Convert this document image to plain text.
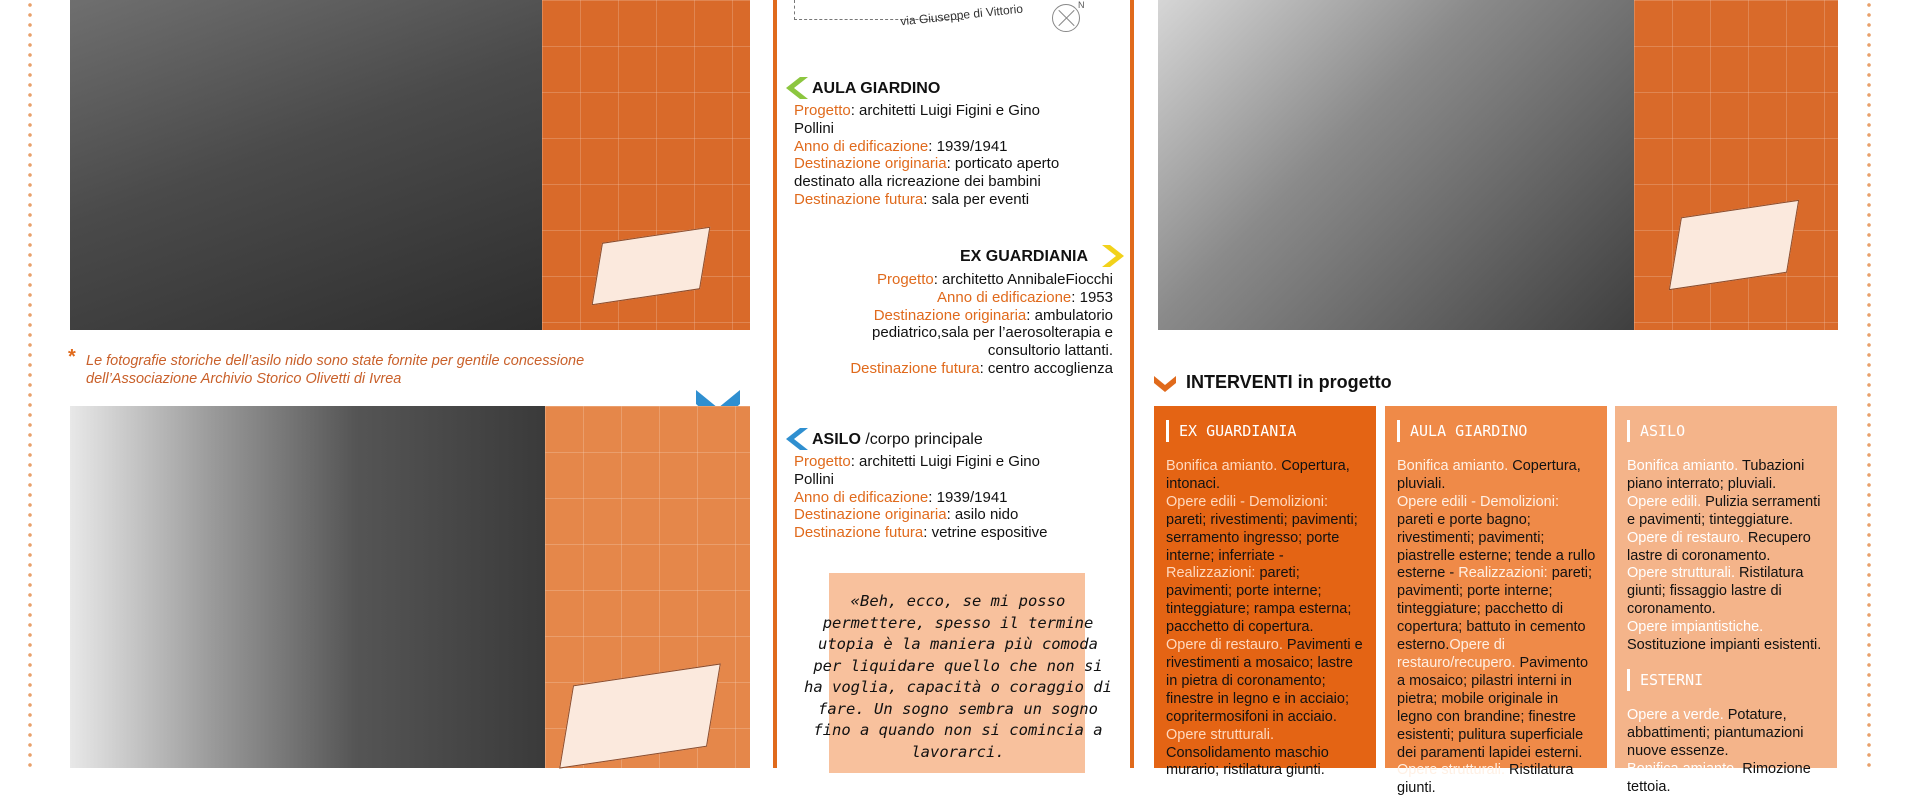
* Le fotografie storiche dell’asilo nido sono state fornite per gentile concessione dell’Associazione Archivio Storico Olivetti di Ivrea
via Giuseppe di Vittorio	N
AULA GIARDINO
Progetto: architetti Luigi Figini e Gino Pollini
Anno di edificazione: 1939/1941
Destinazione originaria: porticato aperto destinato alla ricreazione dei bambini
Destinazione futura: sala per eventi
EX GUARDIANIA
Progetto: architetto AnnibaleFiocchi
Anno di edificazione: 1953
Destinazione originaria: ambulatorio pediatrico,sala per l’aerosolterapia e consultorio lattanti.
Destinazione futura: centro accoglienza
ASILO /corpo principale
Progetto: architetti Luigi Figini e Gino Pollini
Anno di edificazione: 1939/1941
Destinazione originaria: asilo nido
Destinazione futura: vetrine espositive
«Beh, ecco, se mi posso permettere, spesso il termine utopia è la maniera più comoda per liquidare quello che non si ha voglia, capacità o coraggio di fare. Un sogno sembra un sogno fino a quando non si comincia a lavorarci.
INTERVENTI in progetto
EX GUARDIANIA
Bonifica amianto. Copertura, intonaci.
Opere edili - Demolizioni: pareti; rivestimenti; pavimenti; serramento ingresso; porte interne; inferriate - Realizzazioni: pareti; pavimenti; porte interne; tinteggiature; rampa esterna; pacchetto di copertura.
Opere di restauro. Pavimenti e rivestimenti a mosaico; lastre in pietra di coronamento; finestre in legno e in acciaio; copritermosifoni in acciaio.
Opere strutturali. Consolidamento maschio murario; ristilatura giunti.
AULA GIARDINO
Bonifica amianto. Copertura, pluviali.
Opere edili - Demolizioni: pareti e porte bagno; rivestimenti; pavimenti; piastrelle esterne; tende a rullo esterne - Realizzazioni: pareti; pavimenti; porte interne; tinteggiature; pacchetto di copertura; battuto in cemento esterno.Opere di restauro/recupero. Pavimento a mosaico; pilastri interni in pietra; mobile originale in legno con brandine; finestre esistenti; pulitura superficiale dei paramenti lapidei esterni.
Opere strutturali. Ristilatura giunti.
ASILO
Bonifica amianto. Tubazioni piano interrato; pluviali.
Opere edili. Pulizia serramenti e pavimenti; tinteggiature.
Opere di restauro. Recupero lastre di coronamento.
Opere strutturali. Ristilatura giunti; fissaggio lastre di coronamento.
Opere impiantistiche.
Sostituzione impianti esistenti.
ESTERNI
Opere a verde. Potature, abbattimenti; piantumazioni nuove essenze.
Bonifica amianto. Rimozione tettoia.
